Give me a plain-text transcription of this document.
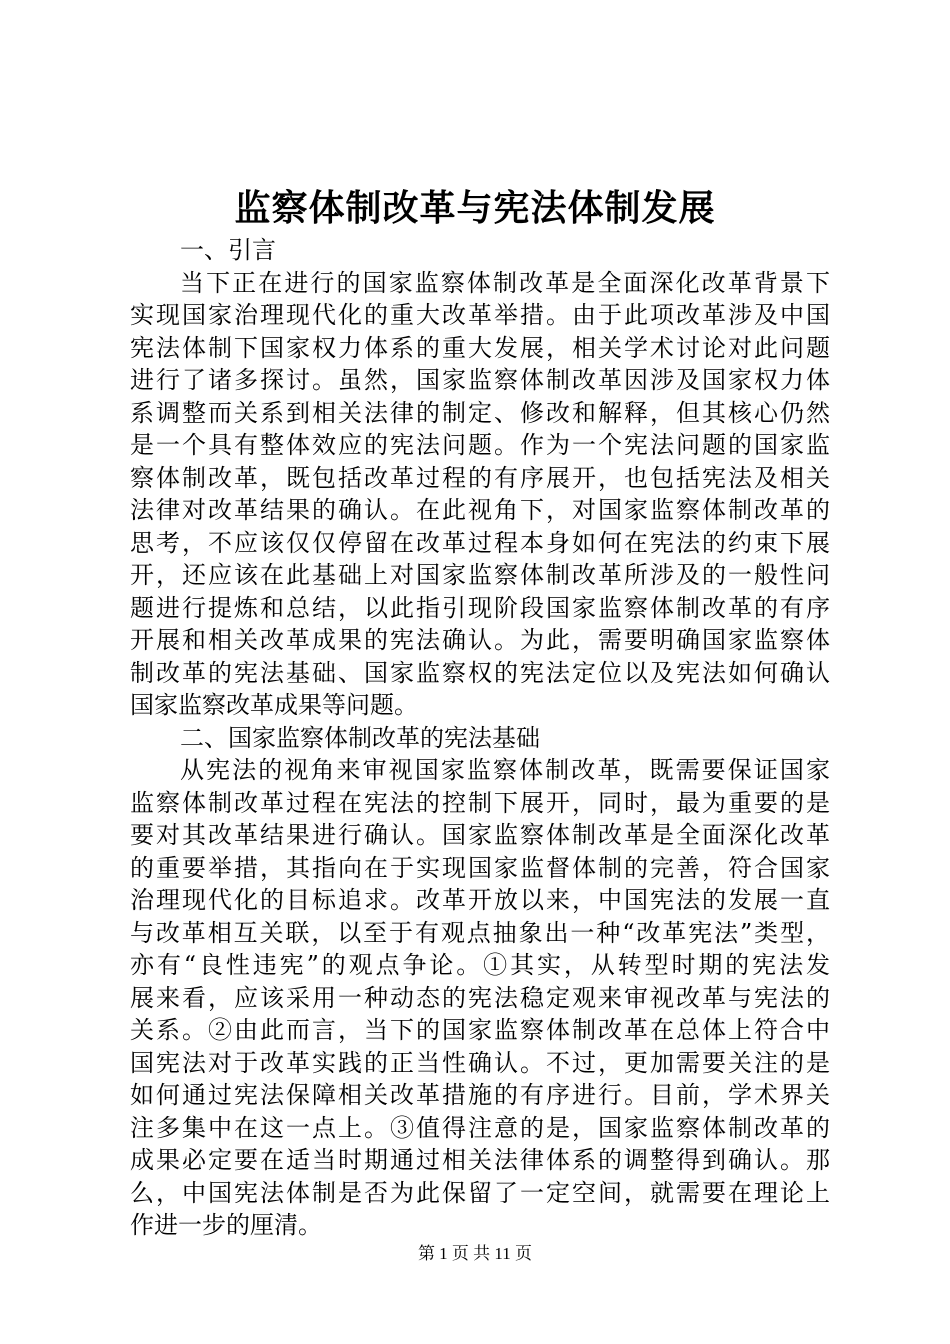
监察体制改革与宪法体制发展
一、引言
当下正在进行的国家监察体制改革是全面深化改革背景下
实现国家治理现代化的重大改革举措。由于此项改革涉及中国
宪法体制下国家权力体系的重大发展，相关学术讨论对此问题
进行了诸多探讨。虽然，国家监察体制改革因涉及国家权力体
系调整而关系到相关法律的制定、修改和解释，但其核心仍然
是一个具有整体效应的宪法问题。作为一个宪法问题的国家监
察体制改革，既包括改革过程的有序展开，也包括宪法及相关
法律对改革结果的确认。在此视角下，对国家监察体制改革的
思考，不应该仅仅停留在改革过程本身如何在宪法的约束下展
开，还应该在此基础上对国家监察体制改革所涉及的一般性问
题进行提炼和总结，以此指引现阶段国家监察体制改革的有序
开展和相关改革成果的宪法确认。为此，需要明确国家监察体
制改革的宪法基础、国家监察权的宪法定位以及宪法如何确认
国家监察改革成果等问题。
二、国家监察体制改革的宪法基础
从宪法的视角来审视国家监察体制改革，既需要保证国家
监察体制改革过程在宪法的控制下展开，同时，最为重要的是
要对其改革结果进行确认。国家监察体制改革是全面深化改革
的重要举措，其指向在于实现国家监督体制的完善，符合国家
治理现代化的目标追求。改革开放以来，中国宪法的发展一直
与改革相互关联，以至于有观点抽象出一种“改革宪法”类型，
亦有“良性违宪”的观点争论。①其实，从转型时期的宪法发
展来看，应该采用一种动态的宪法稳定观来审视改革与宪法的
关系。②由此而言，当下的国家监察体制改革在总体上符合中
国宪法对于改革实践的正当性确认。不过，更加需要关注的是
如何通过宪法保障相关改革措施的有序进行。目前，学术界关
注多集中在这一点上。③值得注意的是，国家监察体制改革的
成果必定要在适当时期通过相关法律体系的调整得到确认。那
么，中国宪法体制是否为此保留了一定空间，就需要在理论上
作进一步的厘清。
第 1 页 共 11 页
